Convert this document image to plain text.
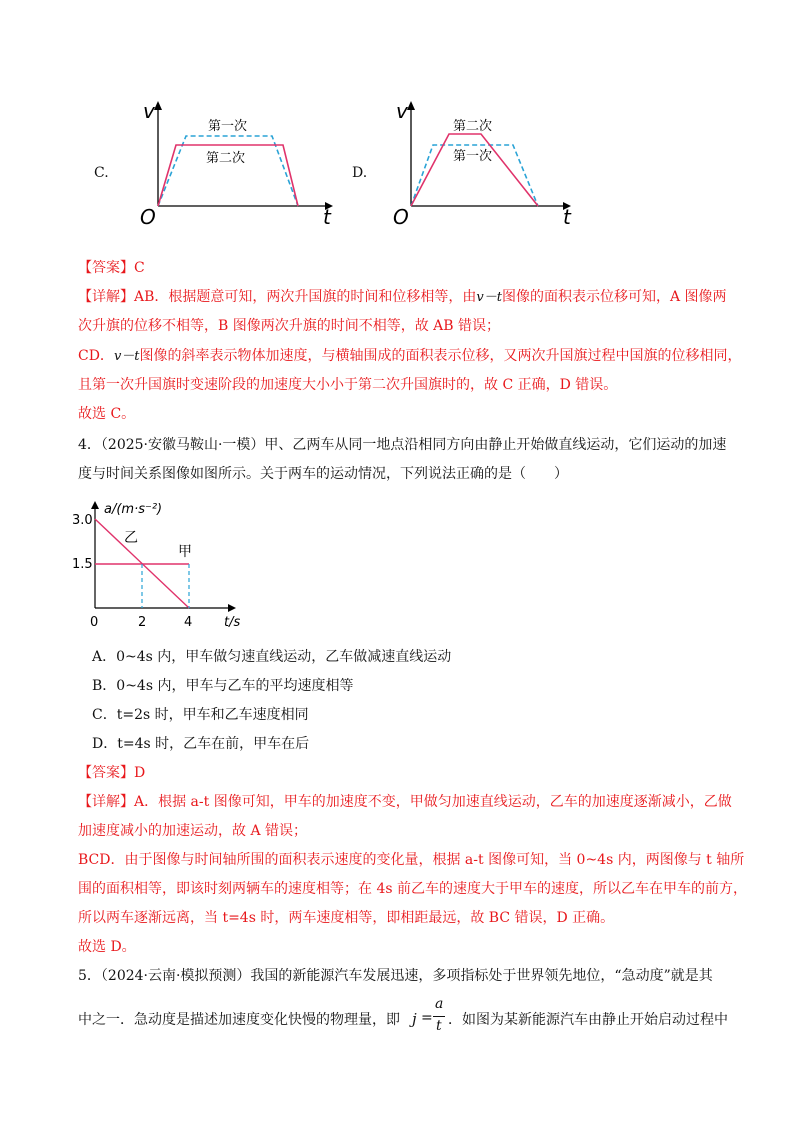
C.
v
t
O
第一次
第二次
D.
v
t
O
第二次
第一次
【答案】C
【详解】AB．根据题意可知，两次升国旗的时间和位移相等，由v－t图像的面积表示位移可知，A 图像两
次升旗的位移不相等，B 图像两次升旗的时间不相等，故 AB 错误；
CD．v－t图像的斜率表示物体加速度，与横轴围成的面积表示位移，又两次升国旗过程中国旗的位移相同，
且第一次升国旗时变速阶段的加速度大小小于第二次升国旗时的，故 C 正确，D 错误。
故选 C。
4．（2025·安徽马鞍山·一模）甲、乙两车从同一地点沿相同方向由静止开始做直线运动，它们运动的加速
度与时间关系图像如图所示。关于两车的运动情况，下列说法正确的是（　　）
a/(m·s⁻²)
t/s
3.0
1.5
0	2	4
乙
甲
A．0~4s 内，甲车做匀速直线运动，乙车做减速直线运动
B．0~4s 内，甲车与乙车的平均速度相等
C．t=2s 时，甲车和乙车速度相同
D．t=4s 时，乙车在前，甲车在后
【答案】D
【详解】A．根据 a-t 图像可知，甲车的加速度不变，甲做匀加速直线运动，乙车的加速度逐渐减小，乙做
加速度减小的加速运动，故 A 错误；
BCD．由于图像与时间轴所围的面积表示速度的变化量，根据 a-t 图像可知，当 0~4s 内，两图像与 t 轴所
围的面积相等，即该时刻两辆车的速度相等；在 4s 前乙车的速度大于甲车的速度，所以乙车在甲车的前方，
所以两车逐渐远离，当 t=4s 时，两车速度相等，即相距最远，故 BC 错误，D 正确。
故选 D。
5．（2024·云南·模拟预测）我国的新能源汽车发展迅速，多项指标处于世界领先地位，“急动度”就是其
中之一．急动度是描述加速度变化快慢的物理量，即 j =
a
t ．如图为某新能源汽车由静止开始启动过程中
